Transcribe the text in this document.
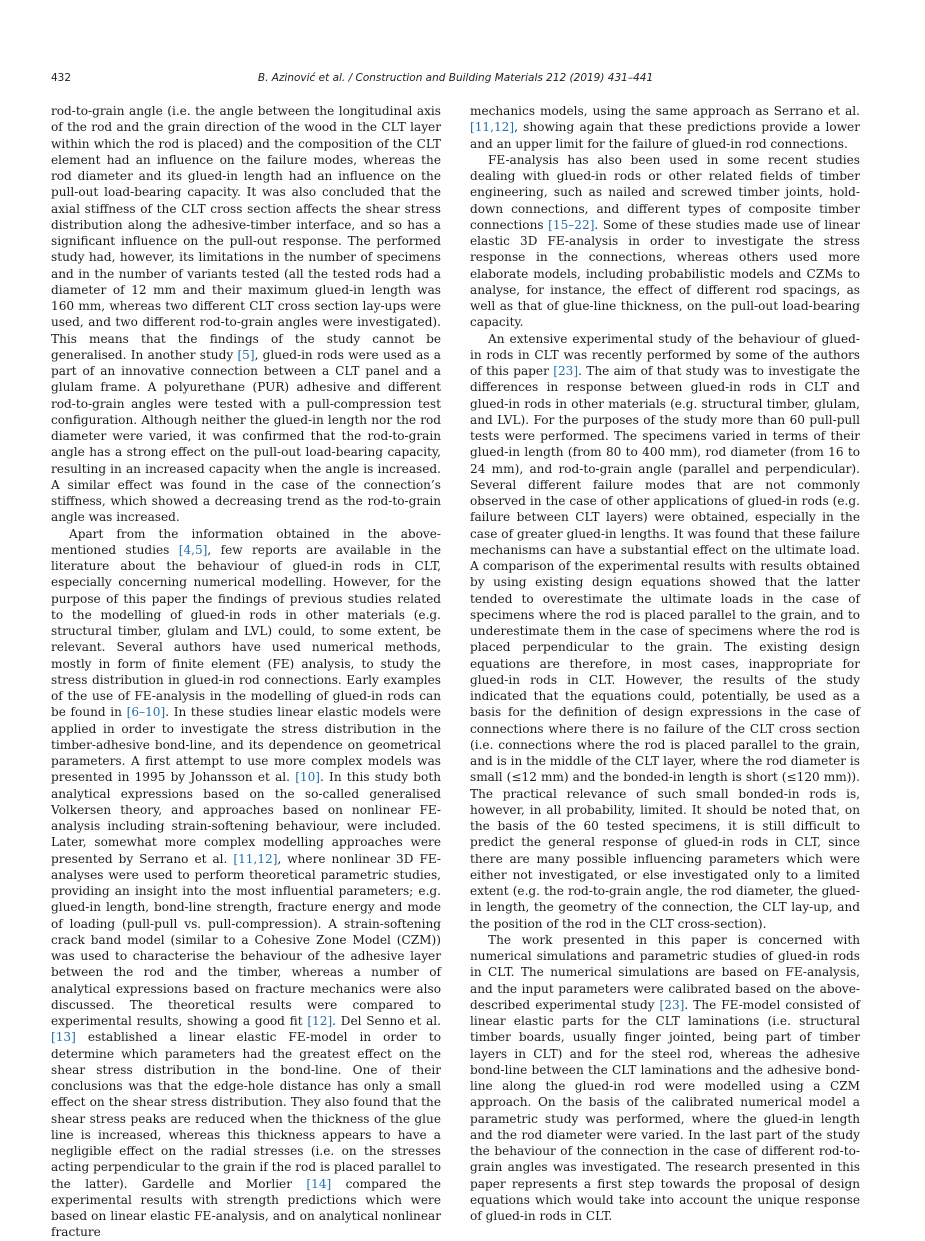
432	B. Azinović et al. / Construction and Building Materials 212 (2019) 431–441

rod-to-grain angle (i.e. the angle between the longitudinal axis of the rod and the grain direction of the wood in the CLT layer within which the rod is placed) and the composition of the CLT element had an influence on the failure modes, whereas the rod diameter and its glued-in length had an influence on the pull-out load-bearing capacity. It was also concluded that the axial stiffness of the CLT cross section affects the shear stress distribution along the adhesive-timber interface, and so has a significant influence on the pull-out response. The performed study had, however, its limitations in the number of specimens and in the number of variants tested (all the tested rods had a diameter of 12 mm and their maximum glued-in length was 160 mm, whereas two different CLT cross section lay-ups were used, and two different rod-to-grain angles were investigated). This means that the findings of the study cannot be generalised. In another study [5], glued-in rods were used as a part of an innovative connection between a CLT panel and a glulam frame. A polyurethane (PUR) adhesive and different rod-to-grain angles were tested with a pull-compression test configuration. Although neither the glued-in length nor the rod diameter were varied, it was confirmed that the rod-to-grain angle has a strong effect on the pull-out load-bearing capacity, resulting in an increased capacity when the angle is increased. A similar effect was found in the case of the connection’s stiffness, which showed a decreasing trend as the rod-to-grain angle was increased.

Apart from the information obtained in the above-mentioned studies [4,5], few reports are available in the literature about the behaviour of glued-in rods in CLT, especially concerning numerical modelling. However, for the purpose of this paper the findings of previous studies related to the modelling of glued-in rods in other materials (e.g. structural timber, glulam and LVL) could, to some extent, be relevant. Several authors have used numerical methods, mostly in form of finite element (FE) analysis, to study the stress distribution in glued-in rod connections. Early examples of the use of FE-analysis in the modelling of glued-in rods can be found in [6–10]. In these studies linear elastic models were applied in order to investigate the stress distribution in the timber-adhesive bond-line, and its dependence on geometrical parameters. A first attempt to use more complex models was presented in 1995 by Johansson et al. [10]. In this study both analytical expressions based on the so-called generalised Volkersen theory, and approaches based on nonlinear FE-analysis including strain-softening behaviour, were included. Later, somewhat more complex modelling approaches were presented by Serrano et al. [11,12], where nonlinear 3D FE-analyses were used to perform theoretical parametric studies, providing an insight into the most influential parameters; e.g. glued-in length, bond-line strength, fracture energy and mode of loading (pull-pull vs. pull-compression). A strain-softening crack band model (similar to a Cohesive Zone Model (CZM)) was used to characterise the behaviour of the adhesive layer between the rod and the timber, whereas a number of analytical expressions based on fracture mechanics were also discussed. The theoretical results were compared to experimental results, showing a good fit [12]. Del Senno et al. [13] established a linear elastic FE-model in order to determine which parameters had the greatest effect on the shear stress distribution in the bond-line. One of their conclusions was that the edge-hole distance has only a small effect on the shear stress distribution. They also found that the shear stress peaks are reduced when the thickness of the glue line is increased, whereas this thickness appears to have a negligible effect on the radial stresses (i.e. on the stresses acting perpendicular to the grain if the rod is placed parallel to the latter). Gardelle and Morlier [14] compared the experimental results with strength predictions which were based on linear elastic FE-analysis, and on analytical nonlinear fracture

mechanics models, using the same approach as Serrano et al. [11,12], showing again that these predictions provide a lower and an upper limit for the failure of glued-in rod connections.

FE-analysis has also been used in some recent studies dealing with glued-in rods or other related fields of timber engineering, such as nailed and screwed timber joints, hold-down connections, and different types of composite timber connections [15–22]. Some of these studies made use of linear elastic 3D FE-analysis in order to investigate the stress response in the connections, whereas others used more elaborate models, including probabilistic models and CZMs to analyse, for instance, the effect of different rod spacings, as well as that of glue-line thickness, on the pull-out load-bearing capacity.

An extensive experimental study of the behaviour of glued-in rods in CLT was recently performed by some of the authors of this paper [23]. The aim of that study was to investigate the differences in response between glued-in rods in CLT and glued-in rods in other materials (e.g. structural timber, glulam, and LVL). For the purposes of the study more than 60 pull-pull tests were performed. The specimens varied in terms of their glued-in length (from 80 to 400 mm), rod diameter (from 16 to 24 mm), and rod-to-grain angle (parallel and perpendicular). Several different failure modes that are not commonly observed in the case of other applications of glued-in rods (e.g. failure between CLT layers) were obtained, especially in the case of greater glued-in lengths. It was found that these failure mechanisms can have a substantial effect on the ultimate load. A comparison of the experimental results with results obtained by using existing design equations showed that the latter tended to overestimate the ultimate loads in the case of specimens where the rod is placed parallel to the grain, and to underestimate them in the case of specimens where the rod is placed perpendicular to the grain. The existing design equations are therefore, in most cases, inappropriate for glued-in rods in CLT. However, the results of the study indicated that the equations could, potentially, be used as a basis for the definition of design expressions in the case of connections where there is no failure of the CLT cross section (i.e. connections where the rod is placed parallel to the grain, and is in the middle of the CLT layer, where the rod diameter is small (≤12 mm) and the bonded-in length is short (≤120 mm)). The practical relevance of such small bonded-in rods is, however, in all probability, limited. It should be noted that, on the basis of the 60 tested specimens, it is still difficult to predict the general response of glued-in rods in CLT, since there are many possible influencing parameters which were either not investigated, or else investigated only to a limited extent (e.g. the rod-to-grain angle, the rod diameter, the glued-in length, the geometry of the connection, the CLT lay-up, and the position of the rod in the CLT cross-section).

The work presented in this paper is concerned with numerical simulations and parametric studies of glued-in rods in CLT. The numerical simulations are based on FE-analysis, and the input parameters were calibrated based on the above-described experimental study [23]. The FE-model consisted of linear elastic parts for the CLT laminations (i.e. structural timber boards, usually finger jointed, being part of timber layers in CLT) and for the steel rod, whereas the adhesive bond-line between the CLT laminations and the adhesive bond-line along the glued-in rod were modelled using a CZM approach. On the basis of the calibrated numerical model a parametric study was performed, where the glued-in length and the rod diameter were varied. In the last part of the study the behaviour of the connection in the case of different rod-to-grain angles was investigated. The research presented in this paper represents a first step towards the proposal of design equations which would take into account the unique response of glued-in rods in CLT.
